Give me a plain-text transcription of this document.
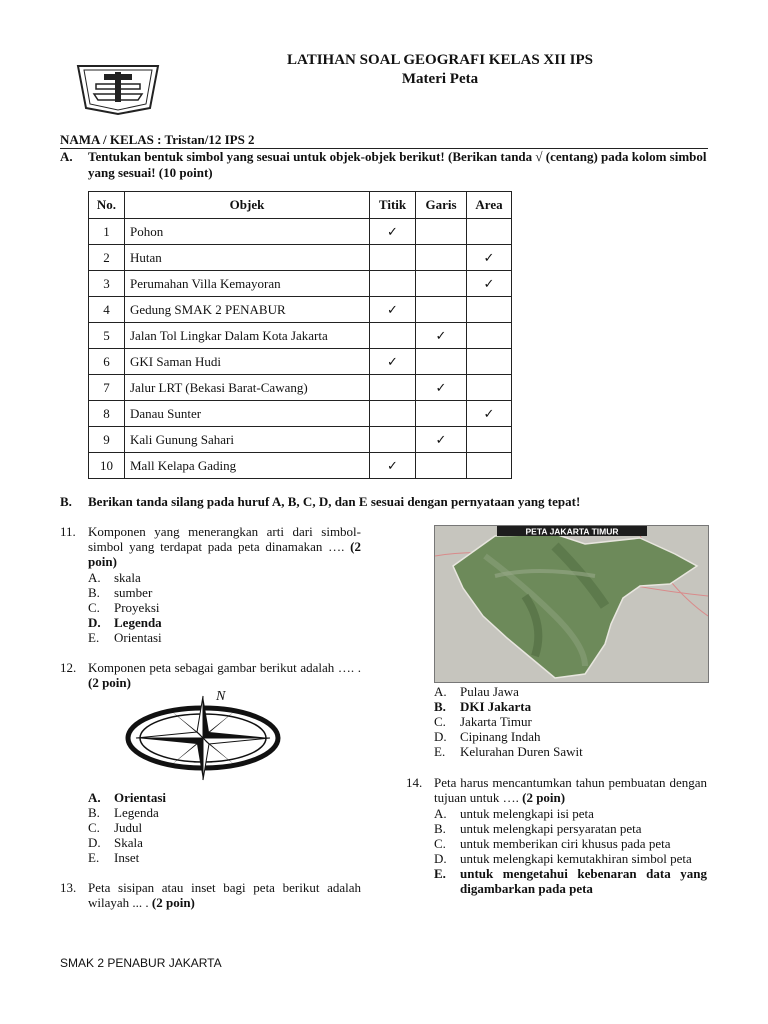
LATIHAN SOAL GEOGRAFI KELAS XII IPS
Materi Peta
NAMA / KELAS : Tristan/12 IPS 2
A. Tentukan bentuk simbol yang sesuai untuk objek-objek berikut! (Berikan tanda √ (centang) pada kolom simbol yang sesuai! (10 point)
No.	Objek	Titik	Garis	Area
1	Pohon	✓		
2	Hutan			✓
3	Perumahan Villa Kemayoran			✓
4	Gedung SMAK 2 PENABUR	✓		
5	Jalan Tol Lingkar Dalam Kota Jakarta		✓	
6	GKI Saman Hudi	✓		
7	Jalur LRT (Bekasi Barat-Cawang)		✓	
8	Danau Sunter			✓
9	Kali Gunung Sahari		✓	
10	Mall Kelapa Gading	✓		
B. Berikan tanda silang pada huruf A, B, C, D, dan E sesuai dengan pernyataan yang tepat!
11. Komponen yang menerangkan arti dari simbol-simbol yang terdapat pada peta dinamakan …. (2 poin)
A.	skala
B.	sumber
C.	Proyeksi
D.	Legenda
E.	Orientasi
12. Komponen peta sebagai gambar berikut adalah …. . (2 poin)
N
A.	Orientasi
B.	Legenda
C.	Judul
D.	Skala
E.	Inset
13. Peta sisipan atau inset bagi peta berikut adalah wilayah ... . (2 poin)
PETA JAKARTA TIMUR
A.	Pulau Jawa
B.	DKI Jakarta
C.	Jakarta Timur
D.	Cipinang Indah
E.	Kelurahan Duren Sawit
14. Peta harus mencantumkan tahun pembuatan dengan tujuan untuk …. (2 poin)
A.	untuk melengkapi isi peta
B.	untuk melengkapi persyaratan peta
C.	untuk memberikan ciri khusus pada peta
D.	untuk melengkapi kemutakhiran simbol peta
E.	untuk mengetahui kebenaran data yang digambarkan pada peta
SMAK 2 PENABUR JAKARTA
